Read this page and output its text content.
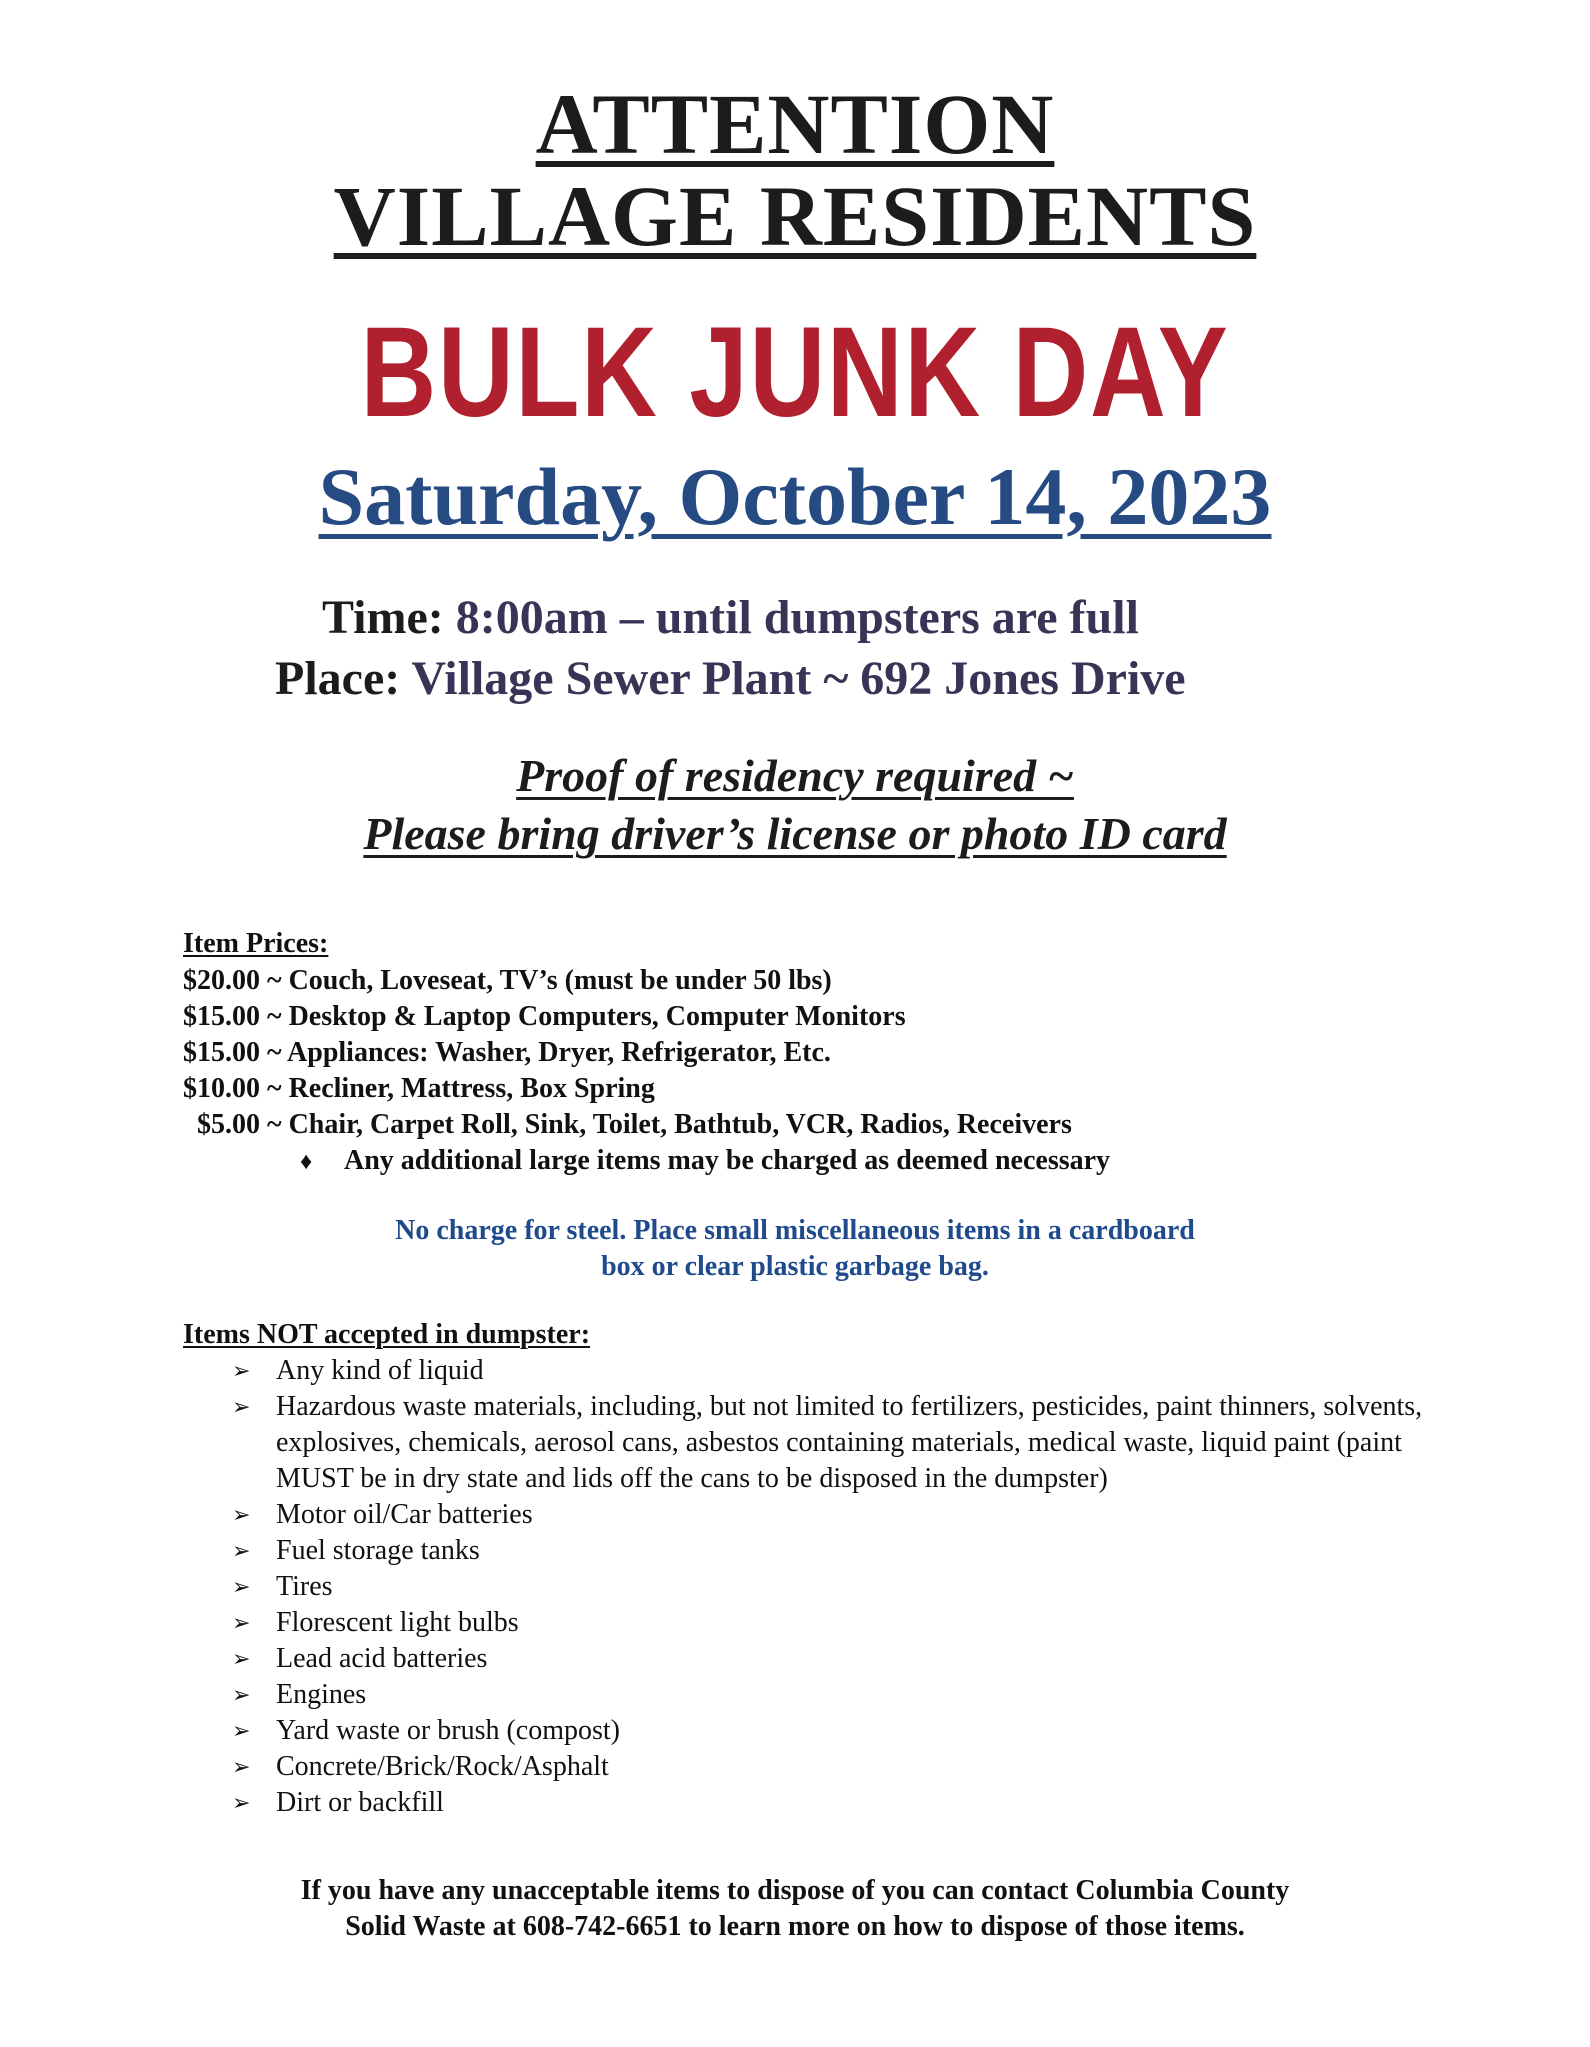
ATTENTION
VILLAGE RESIDENTS
BULK JUNK DAY
Saturday, October 14, 2023
Time: 8:00am – until dumpsters are full
Place: Village Sewer Plant ~ 692 Jones Drive
Proof of residency required ~
Please bring driver’s license or photo ID card
Item Prices:
$20.00 ~ Couch, Loveseat, TV’s (must be under 50 lbs)
$15.00 ~ Desktop & Laptop Computers, Computer Monitors
$15.00 ~ Appliances: Washer, Dryer, Refrigerator, Etc.
$10.00 ~ Recliner, Mattress, Box Spring
$5.00 ~ Chair, Carpet Roll, Sink, Toilet, Bathtub, VCR, Radios, Receivers
♦ Any additional large items may be charged as deemed necessary
No charge for steel. Place small miscellaneous items in a cardboard
box or clear plastic garbage bag.
Items NOT accepted in dumpster:
➢ Any kind of liquid
➢ Hazardous waste materials, including, but not limited to fertilizers, pesticides, paint thinners, solvents, explosives, chemicals, aerosol cans, asbestos containing materials, medical waste, liquid paint (paint MUST be in dry state and lids off the cans to be disposed in the dumpster)
➢ Motor oil/Car batteries
➢ Fuel storage tanks
➢ Tires
➢ Florescent light bulbs
➢ Lead acid batteries
➢ Engines
➢ Yard waste or brush (compost)
➢ Concrete/Brick/Rock/Asphalt
➢ Dirt or backfill
If you have any unacceptable items to dispose of you can contact Columbia County
Solid Waste at 608-742-6651 to learn more on how to dispose of those items.
